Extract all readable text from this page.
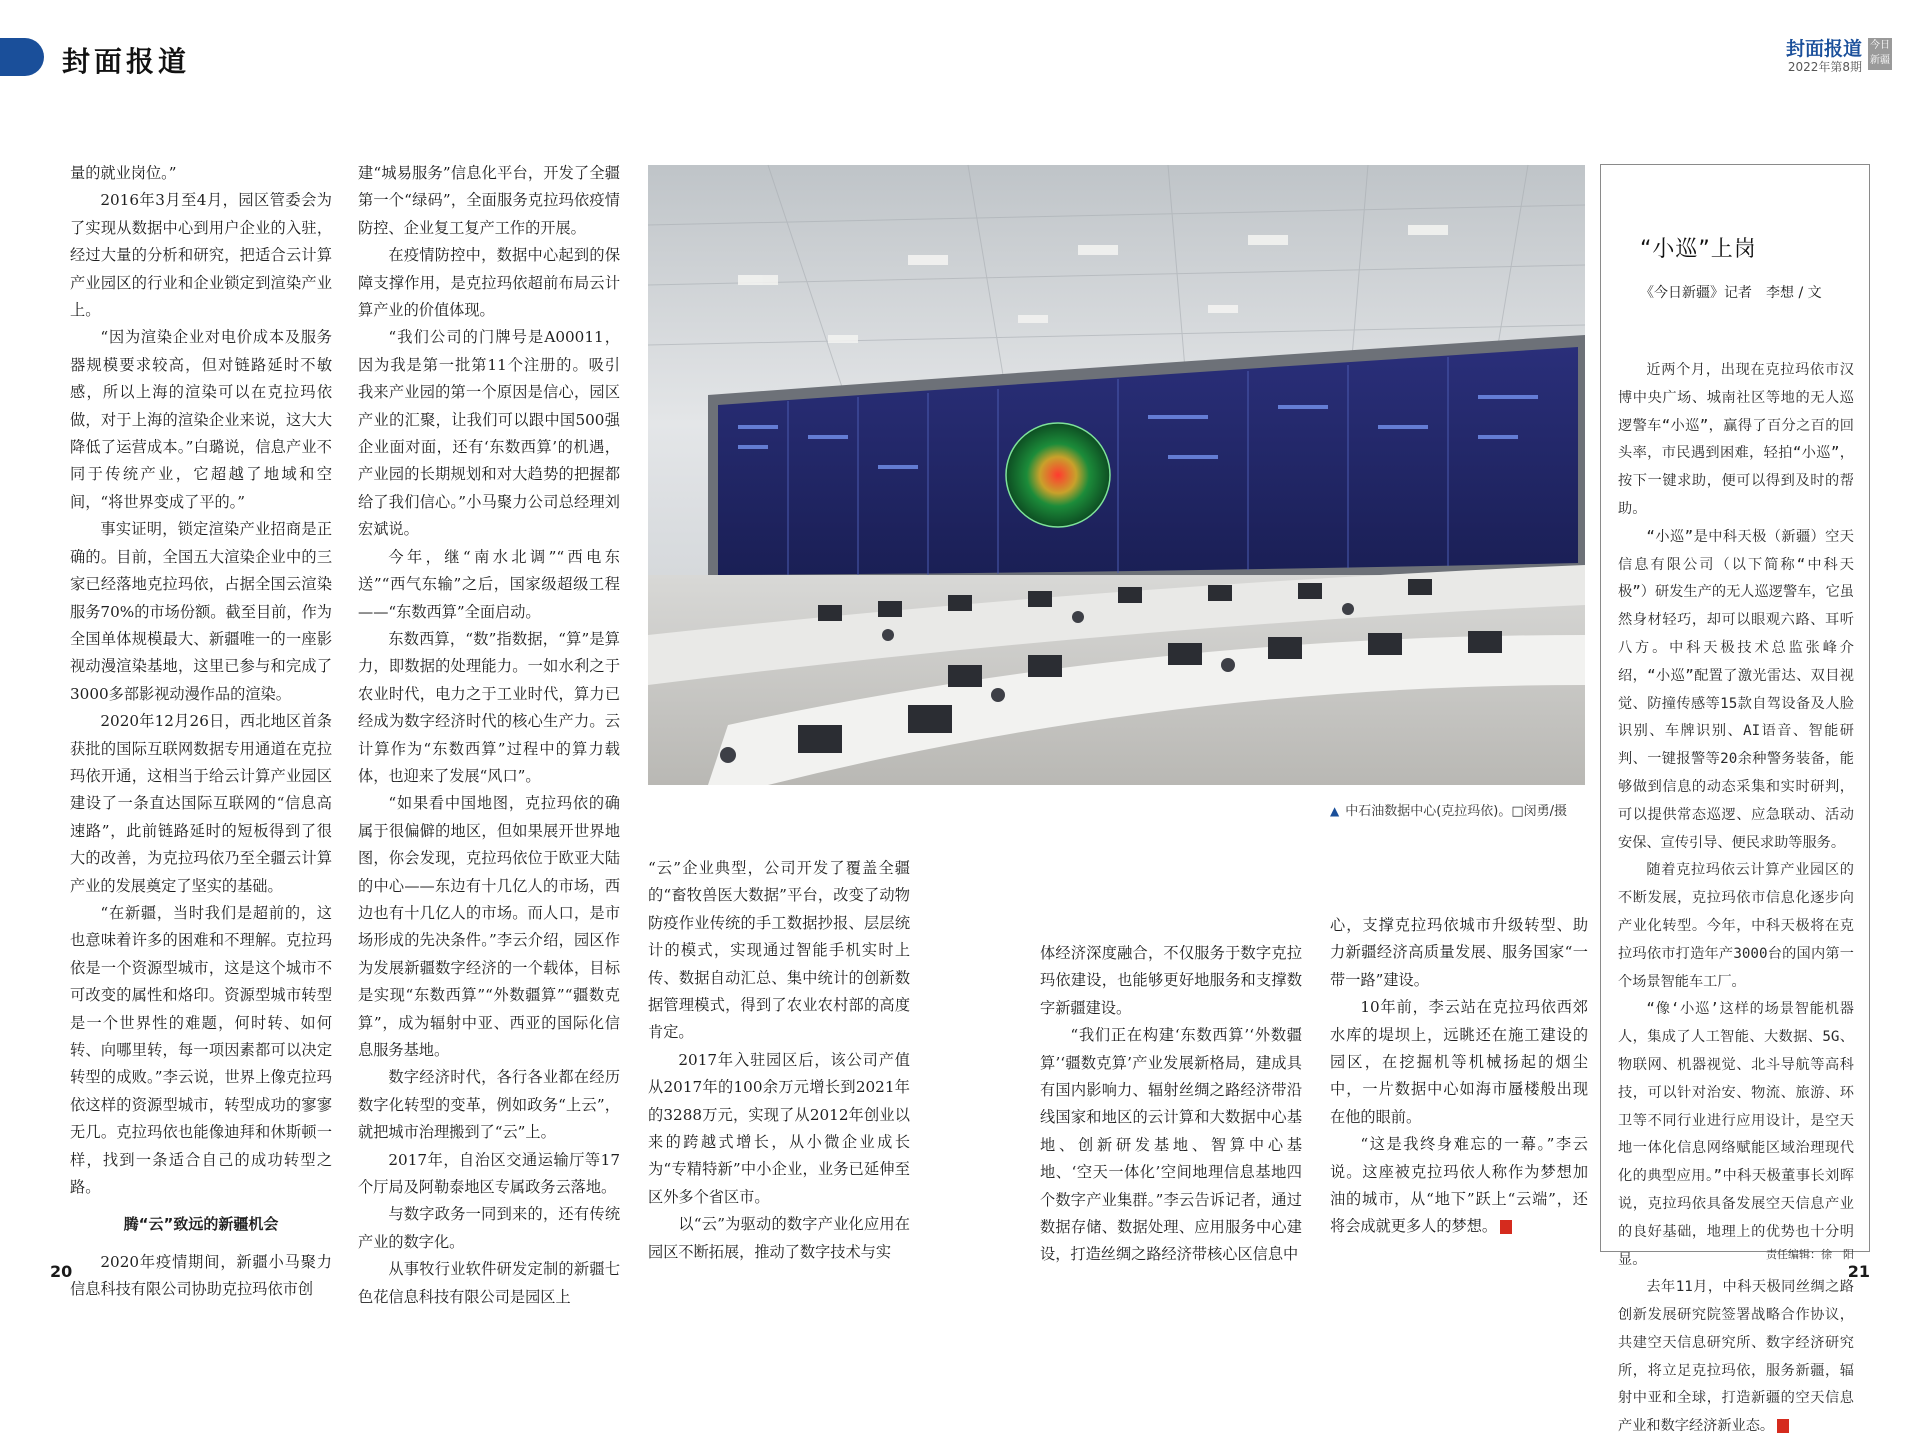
封面报道	封面报道
2022年第8期
今日新疆

量的就业岗位。”

2016年3月至4月，园区管委会为了实现从数据中心到用户企业的入驻，经过大量的分析和研究，把适合云计算产业园区的行业和企业锁定到渲染产业上。

“因为渲染企业对电价成本及服务器规模要求较高，但对链路延时不敏感，所以上海的渲染可以在克拉玛依做，对于上海的渲染企业来说，这大大降低了运营成本。”白璐说，信息产业不同于传统产业，它超越了地域和空间，“将世界变成了平的。”

事实证明，锁定渲染产业招商是正确的。目前，全国五大渲染企业中的三家已经落地克拉玛依，占据全国云渲染服务70%的市场份额。截至目前，作为全国单体规模最大、新疆唯一的一座影视动漫渲染基地，这里已参与和完成了3000多部影视动漫作品的渲染。

2020年12月26日，西北地区首条获批的国际互联网数据专用通道在克拉玛依开通，这相当于给云计算产业园区建设了一条直达国际互联网的“信息高速路”，此前链路延时的短板得到了很大的改善，为克拉玛依乃至全疆云计算产业的发展奠定了坚实的基础。

“在新疆，当时我们是超前的，这也意味着许多的困难和不理解。克拉玛依是一个资源型城市，这是这个城市不可改变的属性和烙印。资源型城市转型是一个世界性的难题，何时转、如何转、向哪里转，每一项因素都可以决定转型的成败。”李云说，世界上像克拉玛依这样的资源型城市，转型成功的寥寥无几。克拉玛依也能像迪拜和休斯顿一样，找到一条适合自己的成功转型之路。

腾“云”致远的新疆机会

2020年疫情期间，新疆小马聚力信息科技有限公司协助克拉玛依市创

建“城易服务”信息化平台，开发了全疆第一个“绿码”，全面服务克拉玛依疫情防控、企业复工复产工作的开展。

在疫情防控中，数据中心起到的保障支撑作用，是克拉玛依超前布局云计算产业的价值体现。

“我们公司的门牌号是A00011，因为我是第一批第11个注册的。吸引我来产业园的第一个原因是信心，园区产业的汇聚，让我们可以跟中国500强企业面对面，还有‘东数西算’的机遇，产业园的长期规划和对大趋势的把握都给了我们信心。”小马聚力公司总经理刘宏斌说。

今年，继“南水北调”“西电东送”“西气东输”之后，国家级超级工程——“东数西算”全面启动。

东数西算，“数”指数据，“算”是算力，即数据的处理能力。一如水利之于农业时代，电力之于工业时代，算力已经成为数字经济时代的核心生产力。云计算作为“东数西算”过程中的算力载体，也迎来了发展“风口”。

“如果看中国地图，克拉玛依的确属于很偏僻的地区，但如果展开世界地图，你会发现，克拉玛依位于欧亚大陆的中心——东边有十几亿人的市场，西边也有十几亿人的市场。而人口，是市场形成的先决条件。”李云介绍，园区作为发展新疆数字经济的一个载体，目标是实现“东数西算”“外数疆算”“疆数克算”，成为辐射中亚、西亚的国际化信息服务基地。

数字经济时代，各行各业都在经历数字化转型的变革，例如政务“上云”，就把城市治理搬到了“云”上。

2017年，自治区交通运输厅等17个厅局及阿勒泰地区专属政务云落地。

与数字政务一同到来的，还有传统产业的数字化。

从事牧行业软件研发定制的新疆七色花信息科技有限公司是园区上

▲ 中石油数据中心(克拉玛依)。□闵勇/摄

“云”企业典型，公司开发了覆盖全疆的“畜牧兽医大数据”平台，改变了动物防疫作业传统的手工数据抄报、层层统计的模式，实现通过智能手机实时上传、数据自动汇总、集中统计的创新数据管理模式，得到了农业农村部的高度肯定。

2017年入驻园区后，该公司产值从2017年的100余万元增长到2021年的3288万元，实现了从2012年创业以来的跨越式增长，从小微企业成长为“专精特新”中小企业，业务已延伸至区外多个省区市。

以“云”为驱动的数字产业化应用在园区不断拓展，推动了数字技术与实

体经济深度融合，不仅服务于数字克拉玛依建设，也能够更好地服务和支撑数字新疆建设。

“我们正在构建‘东数西算’‘外数疆算’‘疆数克算’产业发展新格局，建成具有国内影响力、辐射丝绸之路经济带沿线国家和地区的云计算和大数据中心基地、创新研发基地、智算中心基地、‘空天一体化’空间地理信息基地四个数字产业集群。”李云告诉记者，通过数据存储、数据处理、应用服务中心建设，打造丝绸之路经济带核心区信息中

心，支撑克拉玛依城市升级转型、助力新疆经济高质量发展、服务国家“一带一路”建设。

10年前，李云站在克拉玛依西郊水库的堤坝上，远眺还在施工建设的园区，在挖掘机等机械扬起的烟尘中，一片数据中心如海市蜃楼般出现在他的眼前。

“这是我终身难忘的一幕。”李云说。这座被克拉玛依人称作为梦想加油的城市，从“地下”跃上“云端”，还将会成就更多人的梦想。	J

“小巡”上岗
《今日新疆》记者　李想 / 文

近两个月，出现在克拉玛依市汉博中央广场、城南社区等地的无人巡逻警车“小巡”，赢得了百分之百的回头率，市民遇到困难，轻拍“小巡”，按下一键求助，便可以得到及时的帮助。

“小巡”是中科天极（新疆）空天信息有限公司（以下简称“中科天极”）研发生产的无人巡逻警车，它虽然身材轻巧，却可以眼观六路、耳听八方。中科天极技术总监张峰介绍，“小巡”配置了激光雷达、双目视觉、防撞传感等15款自驾设备及人脸识别、车牌识别、AI语音、智能研判、一键报警等20余种警务装备，能够做到信息的动态采集和实时研判，可以提供常态巡逻、应急联动、活动安保、宣传引导、便民求助等服务。

随着克拉玛依云计算产业园区的不断发展，克拉玛依市信息化逐步向产业化转型。今年，中科天极将在克拉玛依市打造年产3000台的国内第一个场景智能车工厂。

“像‘小巡’这样的场景智能机器人，集成了人工智能、大数据、5G、物联网、机器视觉、北斗导航等高科技，可以针对治安、物流、旅游、环卫等不同行业进行应用设计，是空天地一体化信息网络赋能区域治理现代化的典型应用。”中科天极董事长刘晖说，克拉玛依具备发展空天信息产业的良好基础，地理上的优势也十分明显。

去年11月，中科天极同丝绸之路创新发展研究院签署战略合作协议，共建空天信息研究所、数字经济研究所，将立足克拉玛依，服务新疆，辐射中亚和全球，打造新疆的空天信息产业和数字经济新业态。	J

20
责任编辑：徐　阳
21
